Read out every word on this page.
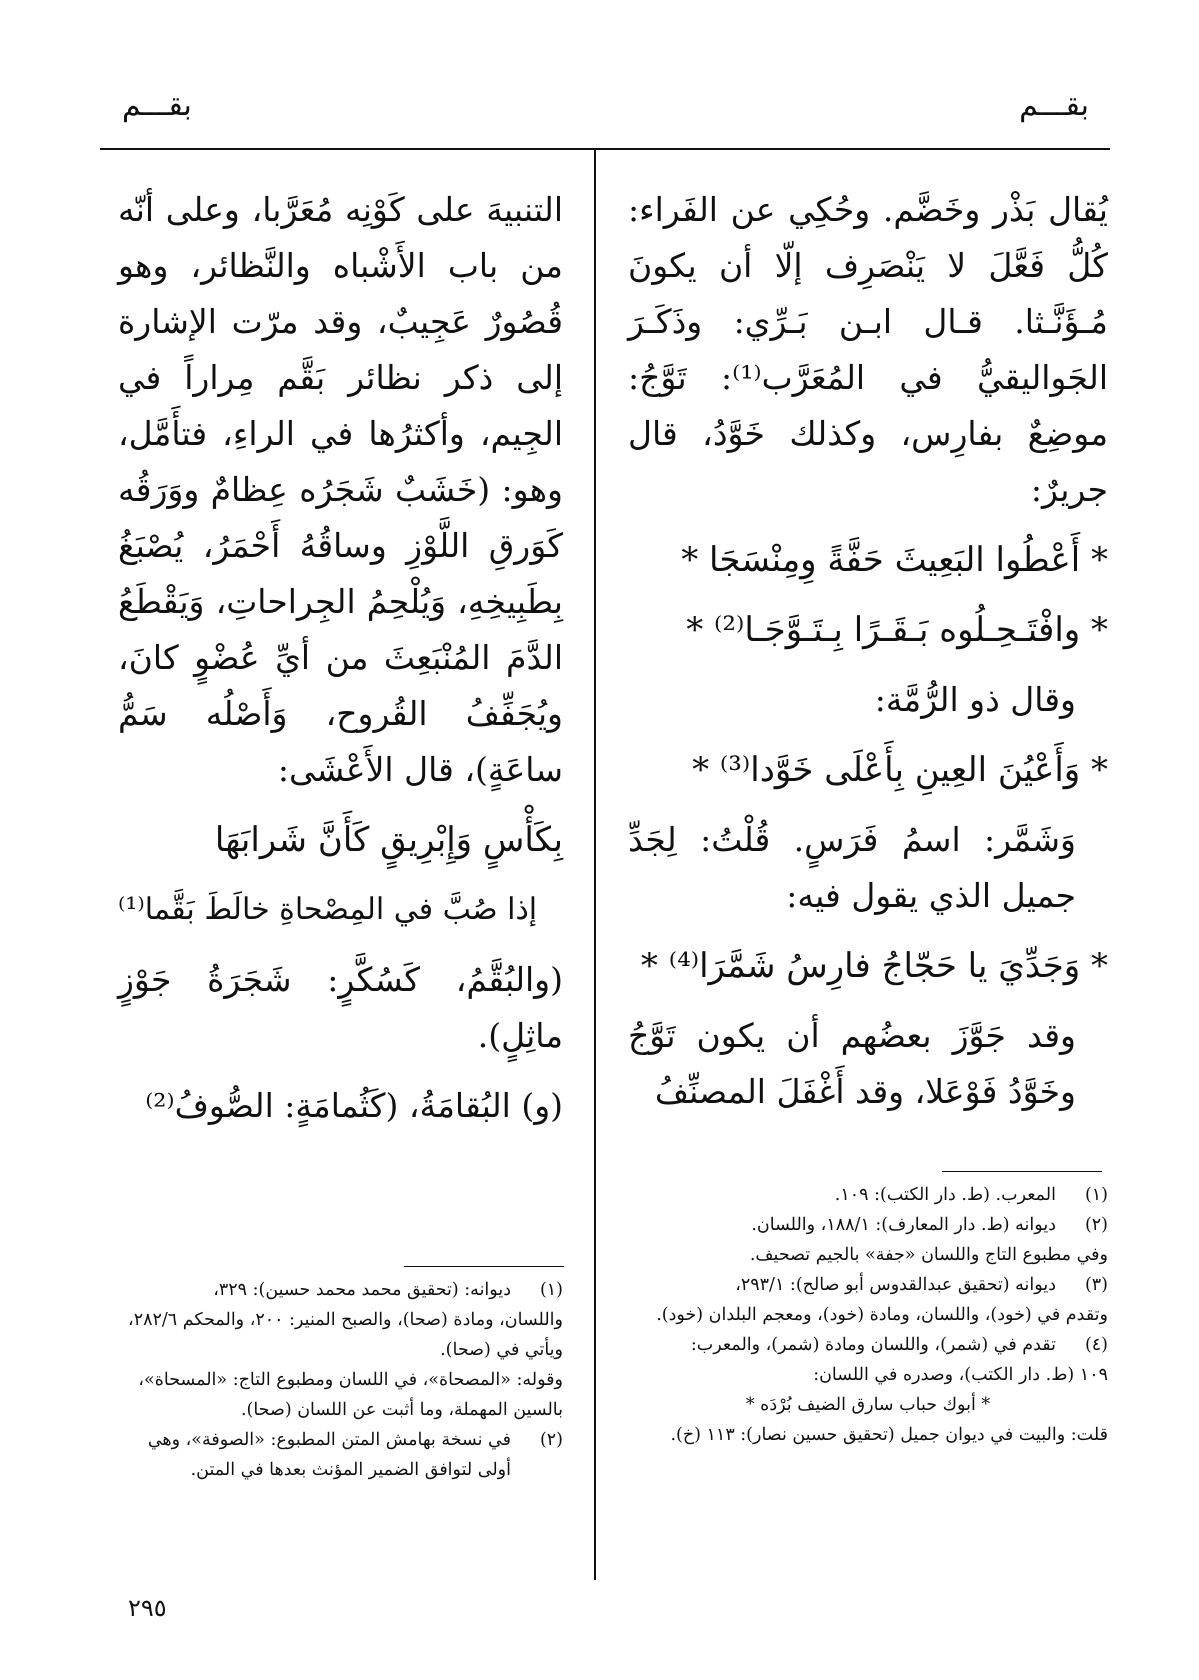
بقـــم	بقـــم

يُقال بَذْر وخَضَّم. وحُكِي عن الفَراء: كُلُّ فَعَّلَ لا يَنْصَرِف إلّا أن يكونَ مُـؤَنَّـثا. قـال ابـن بَـرِّي: وذَكَـرَ الجَواليقيُّ في المُعَرَّب⁽¹⁾: تَوَّجُ: موضِعٌ بفارِس، وكذلك خَوَّدُ، قال جريرٌ:

* أَعْطُوا البَعِيثَ حَفَّةً وِمِنْسَجَا *

* وافْتَـحِـلُوه بَـقَـرًا بِـتَـوَّجَـا⁽²⁾ *

وقال ذو الرُّمَّة:

* وَأَعْيُنَ العِينِ بِأَعْلَى خَوَّدا⁽³⁾ *

وَشَمَّر: اسمُ فَرَسٍ. قُلْتُ: لِجَدِّ جميل الذي يقول فيه:

* وَجَدِّيَ يا حَجّاجُ فارِسُ شَمَّرَا⁽⁴⁾ *

وقد جَوَّزَ بعضُهم أن يكون تَوَّجُ وخَوَّدُ فَوْعَلا، وقد أَغْفَلَ المصنِّفُ

التنبيهَ على كَوْنِه مُعَرَّبا، وعلى أنّه من باب الأَشْباه والنَّظائر، وهو قُصُورٌ عَجِيبٌ، وقد مرّت الإشارة إلى ذكر نظائر بَقَّم مِراراً في الجِيم، وأكثرُها في الراءِ، فتأَمَّل، وهو: (خَشَبٌ شَجَرُه عِظامٌ ووَرَقُه كَوَرقِ اللَّوْزِ وساقُهُ أَحْمَرُ، يُصْبَغُ بِطَبِيخِهِ، وَيُلْحِمُ الجِراحاتِ، وَيَقْطَعُ الدَّمَ المُنْبَعِثَ من أيِّ عُضْوٍ كانَ، ويُجَفِّفُ القُروح، وَأَصْلُه سَمُّ ساعَةٍ)، قال الأَعْشَى:

بِكَأْسٍ وَإِبْرِيقٍ كَأَنَّ شَرابَهَا

إذا صُبَّ في المِصْحاةِ خالَطَ بَقَّما⁽¹⁾

(والبُقَّمُ، كَسُكَّرٍ: شَجَرَةُ جَوْزٍ ماثِلٍ).

(و) البُقامَةُ، (كَثُمامَةٍ: الصُّوفُ⁽²⁾

(١)
المعرب. (ط. دار الكتب): ١٠٩.
(٢)
ديوانه (ط. دار المعارف): ١٨٨/١، واللسان.
وفي مطبوع التاج واللسان «جفة» بالجيم تصحيف.
(٣)
ديوانه (تحقيق عبدالقدوس أبو صالح): ٢٩٣/١،
وتقدم في (خود)، واللسان، ومادة (خود)، ومعجم البلدان (خود).
(٤)
تقدم في (شمر)، واللسان ومادة (شمر)، والمعرب:
١٠٩ (ط. دار الكتب)، وصدره في اللسان:
* أبوك حباب سارق الضيف بُرْدَه *
قلت: والبيت في ديوان جميل (تحقيق حسين نصار): ١١٣ (خ).
(١)
ديوانه: (تحقيق محمد محمد حسين): ٣٢٩،
واللسان، ومادة (صحا)، والصبح المنير: ٢٠٠، والمحكم ٢٨٢/٦، ويأتي في (صحا).
وقوله: «المصحاة»، في اللسان ومطبوع التاج: «المسحاة»، بالسين المهملة، وما أثبت عن اللسان (صحا).
(٢)
في نسخة بهامش المتن المطبوع: «الصوفة»، وهي أولى لتوافق الضمير المؤنث بعدها في المتن.
٢٩٥
